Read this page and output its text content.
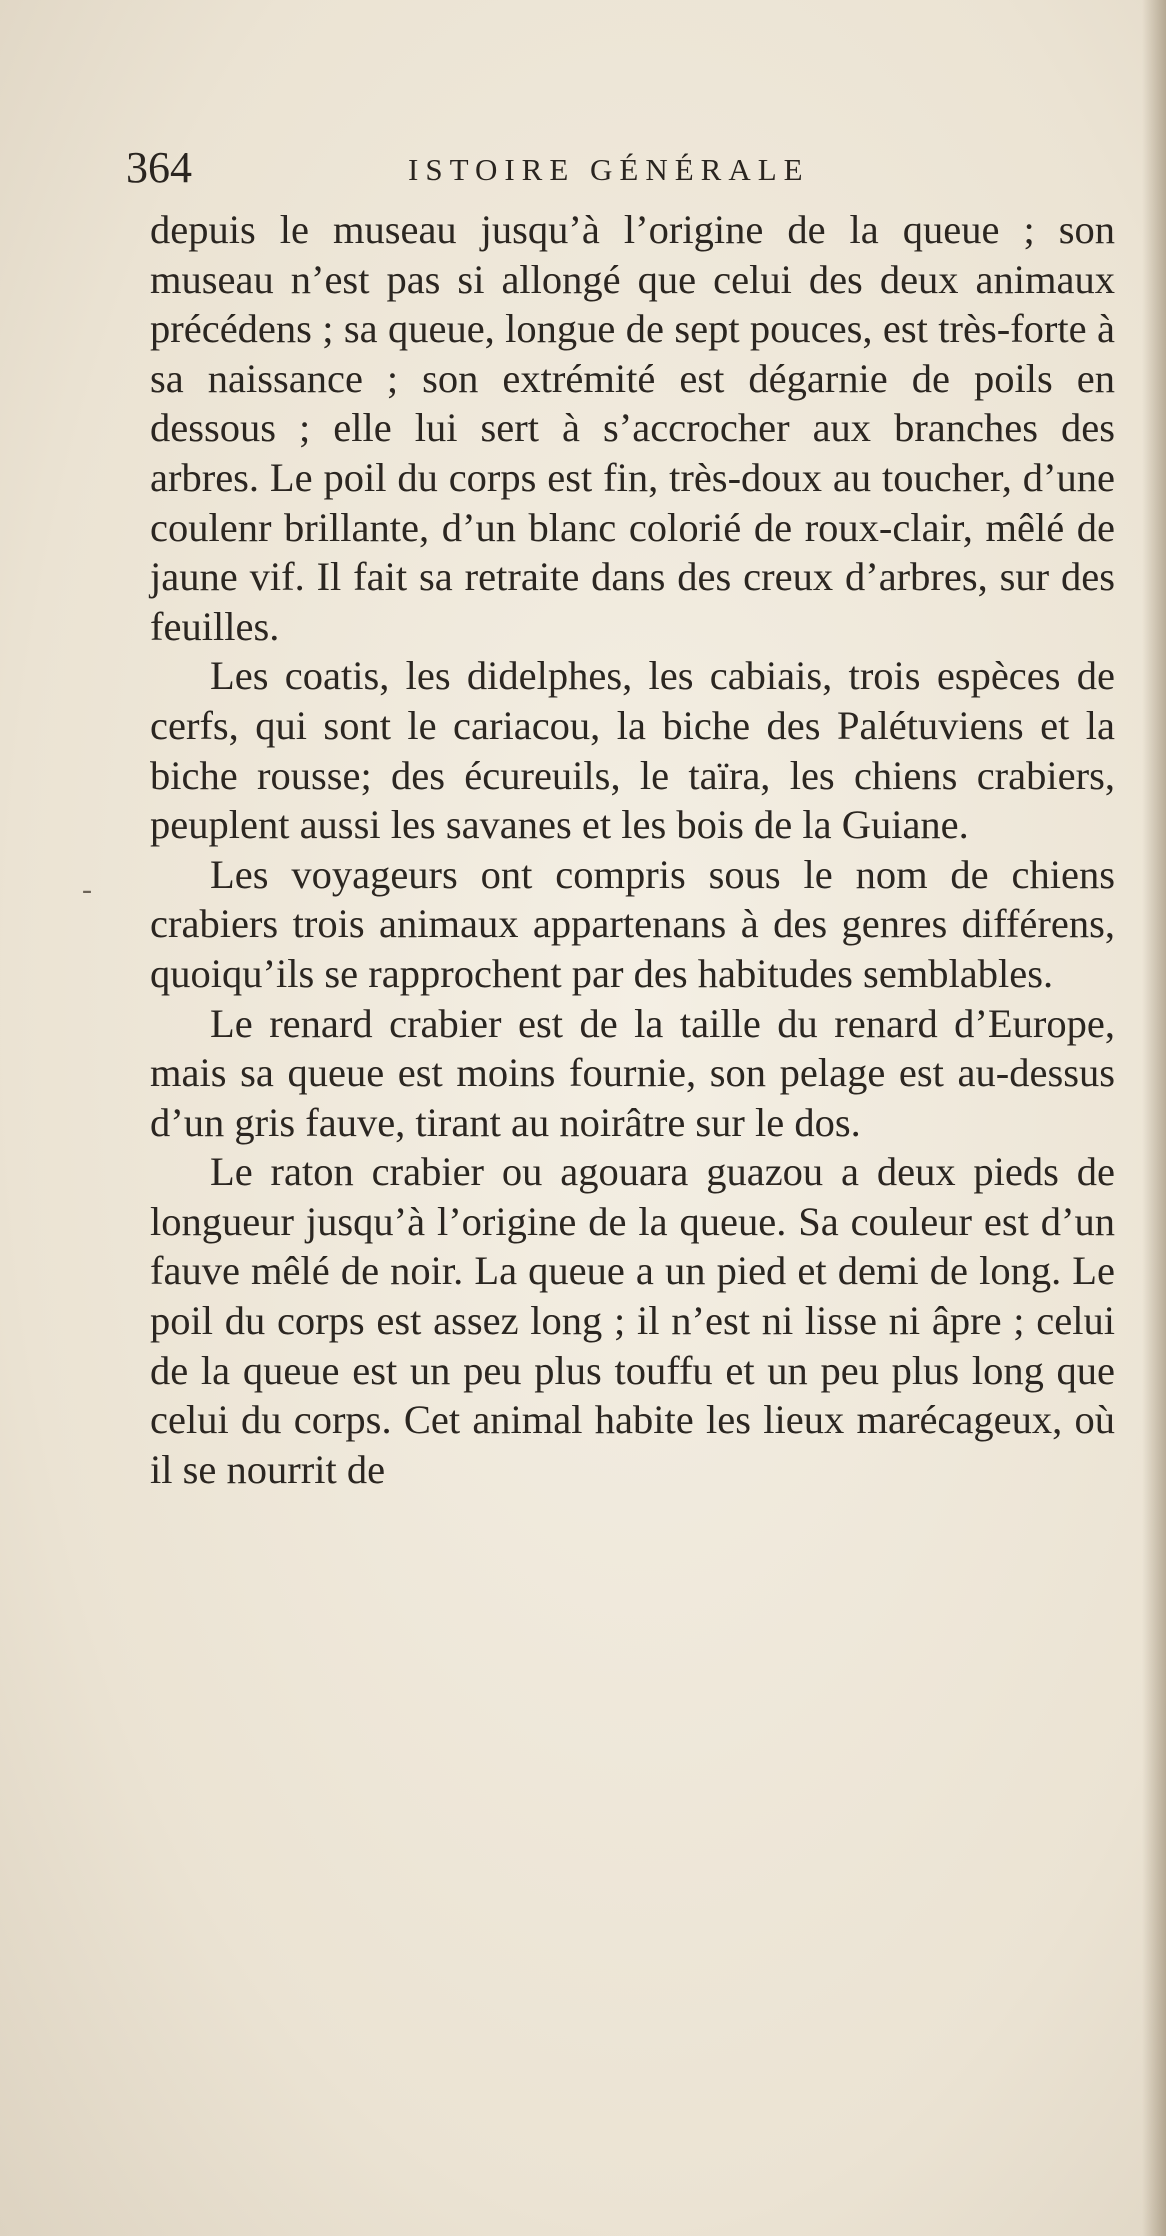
364	ISTOIRE GÉNÉRALE
-

depuis le museau jusqu’à l’origine de la queue ; son museau n’est pas si allongé que celui des deux animaux précédens ; sa queue, longue de sept pouces, est très-forte à sa naissance ; son extrémité est dégarnie de poils en dessous ; elle lui sert à s’accrocher aux branches des arbres. Le poil du corps est fin, très-doux au toucher, d’une coulenr brillante, d’un blanc colorié de roux-clair, mêlé de jaune vif. Il fait sa retraite dans des creux d’arbres, sur des feuilles.

Les coatis, les didelphes, les cabiais, trois espèces de cerfs, qui sont le cariacou, la biche des Palétuviens et la biche rousse; des écureuils, le taïra, les chiens crabiers, peuplent aussi les savanes et les bois de la Guiane.

Les voyageurs ont compris sous le nom de chiens crabiers trois animaux appartenans à des genres différens, quoiqu’ils se rapprochent par des habitudes semblables.

Le renard crabier est de la taille du renard d’Europe, mais sa queue est moins fournie, son pelage est au-dessus d’un gris fauve, tirant au noirâtre sur le dos.

Le raton crabier ou agouara guazou a deux pieds de longueur jusqu’à l’origine de la queue. Sa couleur est d’un fauve mêlé de noir. La queue a un pied et demi de long. Le poil du corps est assez long ; il n’est ni lisse ni âpre ; celui de la queue est un peu plus touffu et un peu plus long que celui du corps. Cet animal habite les lieux marécageux, où il se nourrit de
